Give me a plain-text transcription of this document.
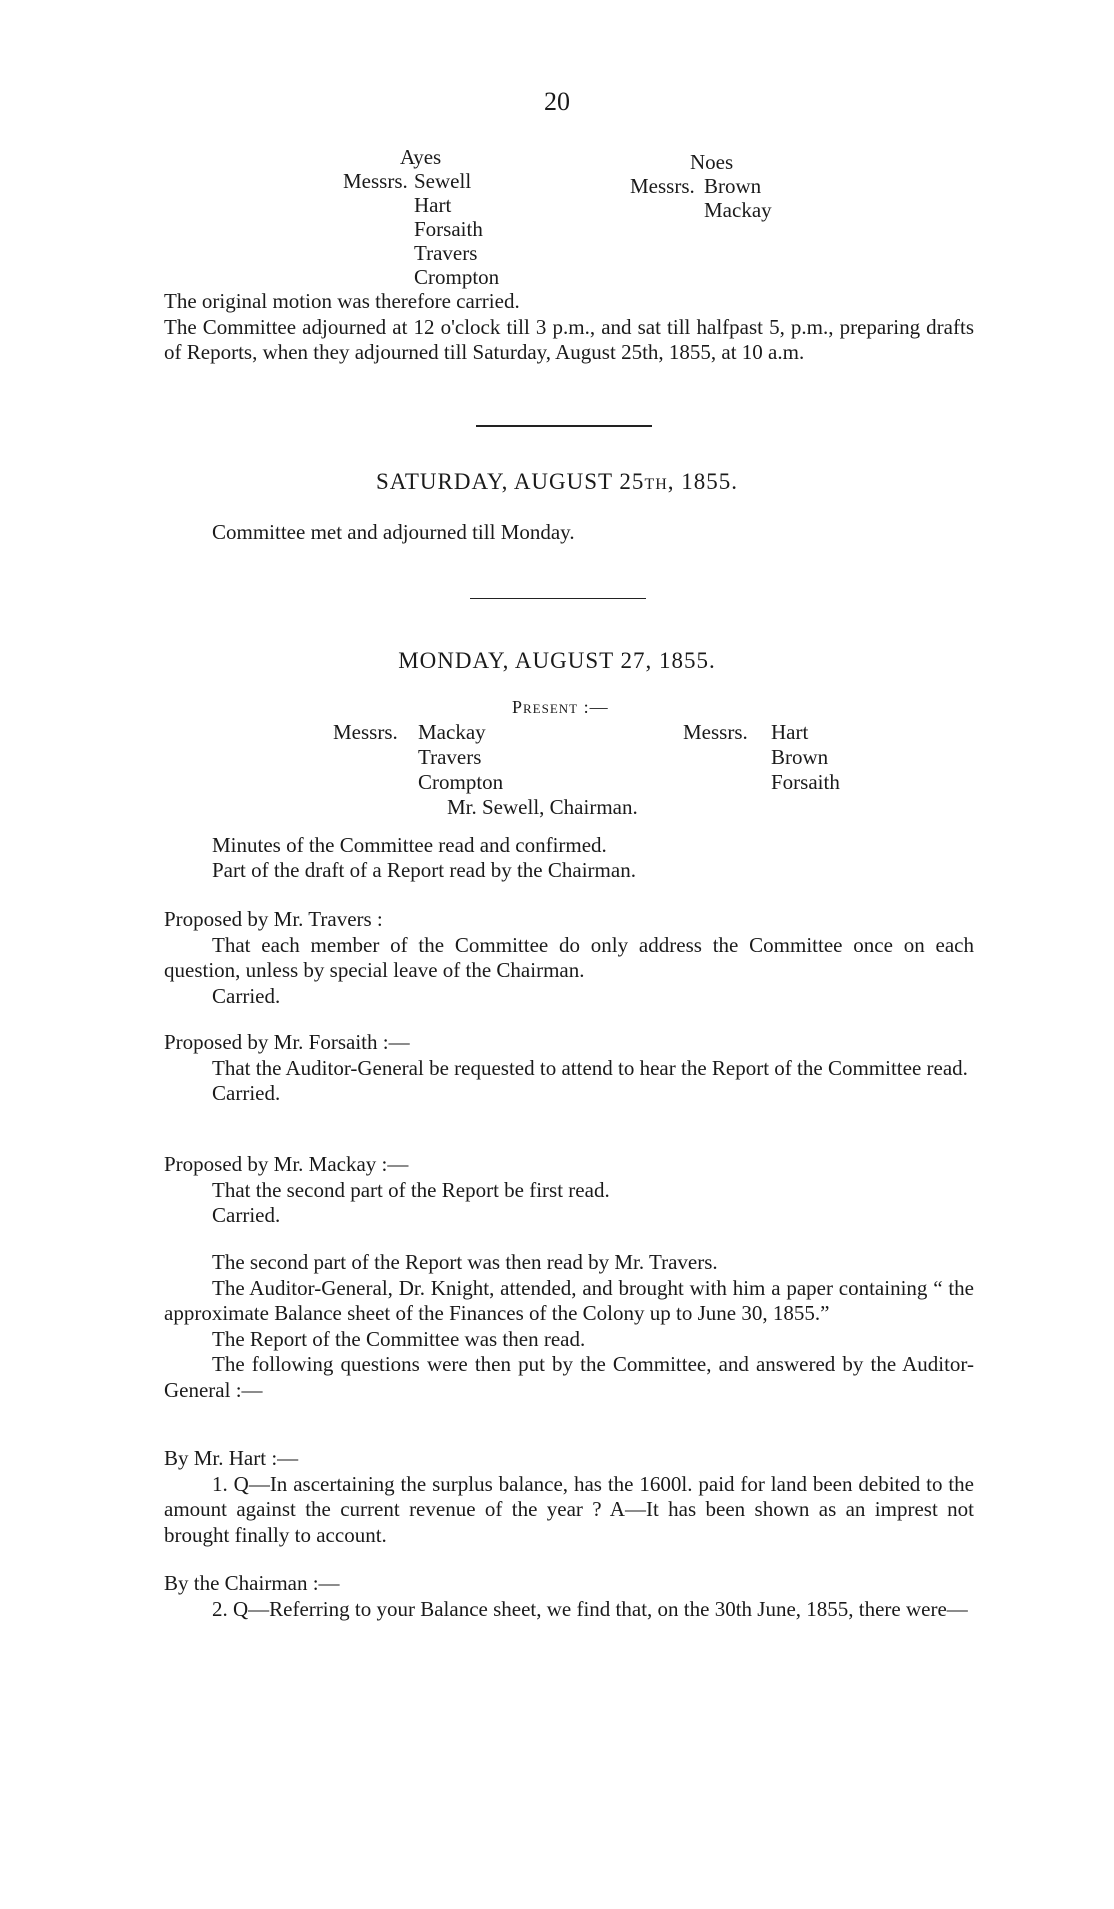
20
Ayes
Messrs. Sewell
Hart
Forsaith
Travers
Crompton
Noes
Messrs. Brown
Mackay

The original motion was therefore carried.

The Committee adjourned at 12 o'clock till 3 p.m., and sat till halfpast 5, p.m., preparing drafts of Reports, when they adjourned till Saturday, August 25th, 1855, at 10 a.m.

SATURDAY, AUGUST 25TH, 1855.
Committee met and adjourned till Monday.
MONDAY, AUGUST 27, 1855.
Present :—
Messrs. Mackay
Travers
Crompton
Messrs. Hart
Brown
Forsaith
Mr. Sewell, Chairman.
Minutes of the Committee read and confirmed.
Part of the draft of a Report read by the Chairman.

Proposed by Mr. Travers :

That each member of the Committee do only address the Committee once on each question, unless by special leave of the Chairman.

Carried.

Proposed by Mr. Forsaith :—

That the Auditor-General be requested to attend to hear the Report of the Committee read.

Carried.

Proposed by Mr. Mackay :—

That the second part of the Report be first read.

Carried.

The second part of the Report was then read by Mr. Travers.

The Auditor-General, Dr. Knight, attended, and brought with him a paper containing “ the approximate Balance sheet of the Finances of the Colony up to June 30, 1855.”

The Report of the Committee was then read.

The following questions were then put by the Committee, and answered by the Auditor-General :—

By Mr. Hart :—

1. Q—In ascertaining the surplus balance, has the 1600l. paid for land been debited to the amount against the current revenue of the year ? A—It has been shown as an imprest not brought finally to account.

By the Chairman :—

2. Q—Referring to your Balance sheet, we find that, on the 30th June, 1855, there were—
